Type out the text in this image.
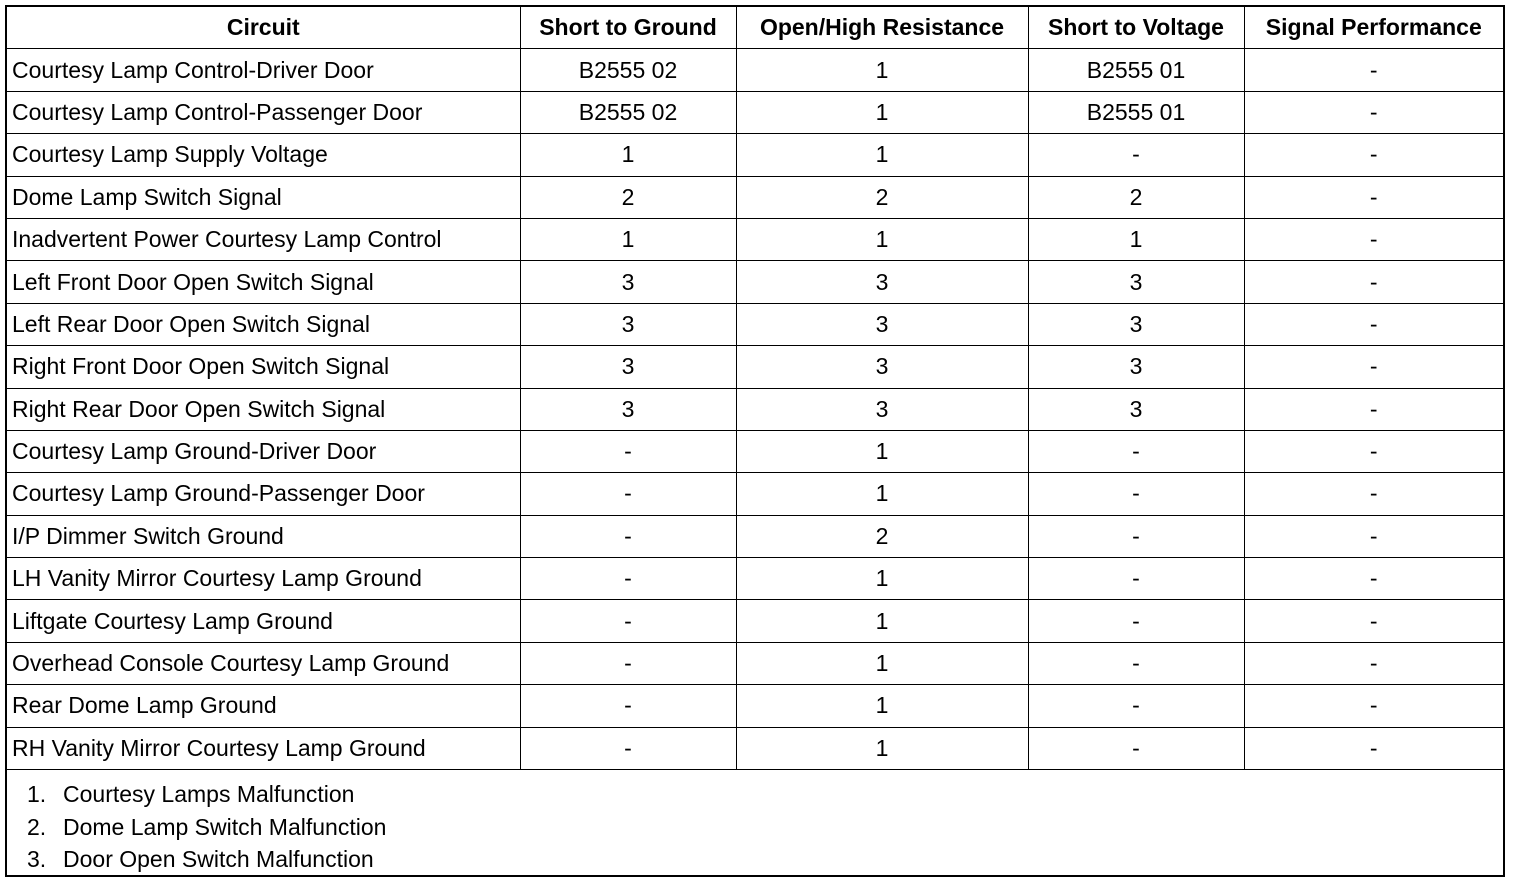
Circuit	Short to Ground	Open/High Resistance	Short to Voltage	Signal Performance
Courtesy Lamp Control-Driver Door	B2555 02	1	B2555 01	-
Courtesy Lamp Control-Passenger Door	B2555 02	1	B2555 01	-
Courtesy Lamp Supply Voltage	1	1	-	-
Dome Lamp Switch Signal	2	2	2	-
Inadvertent Power Courtesy Lamp Control	1	1	1	-
Left Front Door Open Switch Signal	3	3	3	-
Left Rear Door Open Switch Signal	3	3	3	-
Right Front Door Open Switch Signal	3	3	3	-
Right Rear Door Open Switch Signal	3	3	3	-
Courtesy Lamp Ground-Driver Door	-	1	-	-
Courtesy Lamp Ground-Passenger Door	-	1	-	-
I/P Dimmer Switch Ground	-	2	-	-
LH Vanity Mirror Courtesy Lamp Ground	-	1	-	-
Liftgate Courtesy Lamp Ground	-	1	-	-
Overhead Console Courtesy Lamp Ground	-	1	-	-
Rear Dome Lamp Ground	-	1	-	-
RH Vanity Mirror Courtesy Lamp Ground	-	1	-	-
1. Courtesy Lamps Malfunction
2. Dome Lamp Switch Malfunction
3. Door Open Switch Malfunction
